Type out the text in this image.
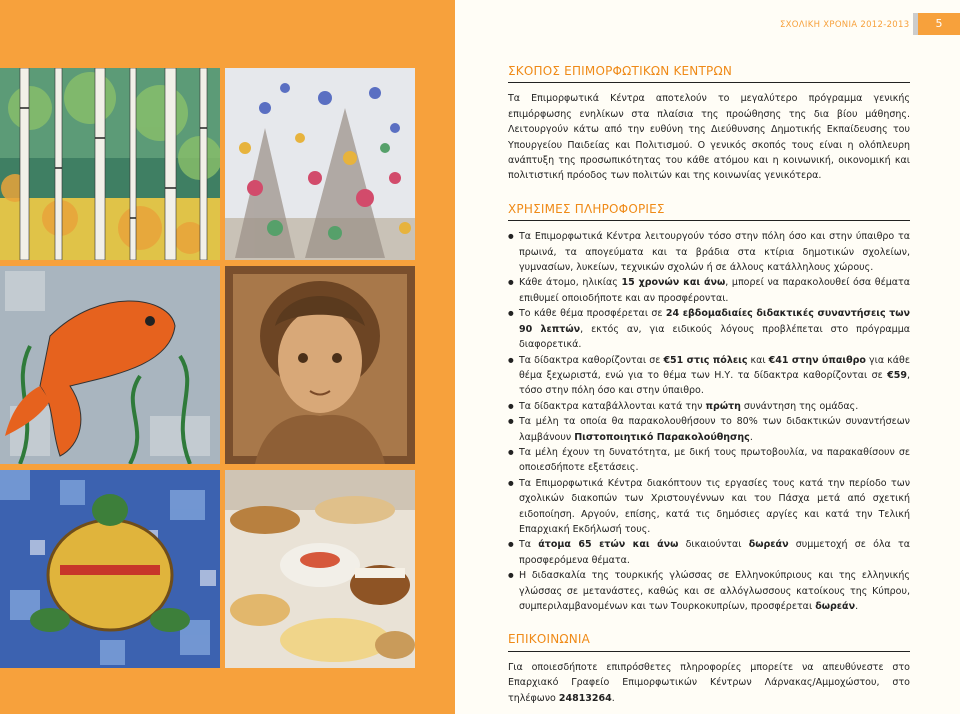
ΣΧΟΛΙΚΗ ΧΡΟΝΙΑ 2012-2013	5
ΣΚΟΠΟΣ ΕΠΙΜΟΡΦΩΤΙΚΩΝ ΚΕΝΤΡΩΝ

Τα Επιμορφωτικά Κέντρα αποτελούν το μεγαλύτερο πρόγραμμα γενικής επιμόρφωσης ενηλίκων στα πλαίσια της προώθησης της δια βίου μάθησης. Λειτουργούν κάτω από την ευθύνη της Διεύθυνσης Δημοτικής Εκπαίδευσης του Υπουργείου Παιδείας και Πολιτισμού. Ο γενικός σκοπός τους είναι η ολόπλευρη ανάπτυξη της προσωπικότητας του κάθε ατόμου και η κοινωνική, οικονομική και πολιτιστική πρόοδος των πολιτών και της κοινωνίας γενικότερα.

ΧΡΗΣΙΜΕΣ ΠΛΗΡΟΦΟΡΙΕΣ
● Τα Επιμορφωτικά Κέντρα λειτουργούν τόσο στην πόλη όσο και στην ύπαιθρο τα πρωινά, τα απογεύματα και τα βράδια στα κτίρια δημοτικών σχολείων, γυμνασίων, λυκείων, τεχνικών σχολών ή σε άλλους κατάλληλους χώρους.
● Κάθε άτομο, ηλικίας 15 χρονών και άνω, μπορεί να παρακολουθεί όσα θέματα επιθυμεί οποιοδήποτε και αν προσφέρονται.
● Το κάθε θέμα προσφέρεται σε 24 εβδομαδιαίες διδακτικές συναντήσεις των 90 λεπτών, εκτός αν, για ειδικούς λόγους προβλέπεται στο πρόγραμμα διαφορετικά.
● Τα δίδακτρα καθορίζονται σε €51 στις πόλεις και €41 στην ύπαιθρο για κάθε θέμα ξεχωριστά, ενώ για το θέμα των Η.Υ. τα δίδακτρα καθορίζονται σε €59, τόσο στην πόλη όσο και στην ύπαιθρο.
● Τα δίδακτρα καταβάλλονται κατά την πρώτη συνάντηση της ομάδας.
● Τα μέλη τα οποία θα παρακολουθήσουν το 80% των διδακτικών συναντήσεων λαμβάνουν Πιστοποιητικό Παρακολούθησης.
● Τα μέλη έχουν τη δυνατότητα, με δική τους πρωτοβουλία, να παρακαθίσουν σε οποιεσδήποτε εξετάσεις.
● Τα Επιμορφωτικά Κέντρα διακόπτουν τις εργασίες τους κατά την περίοδο των σχολικών διακοπών των Χριστουγέννων και του Πάσχα μετά από σχετική ειδοποίηση. Αργούν, επίσης, κατά τις δημόσιες αργίες και κατά την Τελική Επαρχιακή Εκδήλωσή τους.
● Τα άτομα 65 ετών και άνω δικαιούνται δωρεάν συμμετοχή σε όλα τα προσφερόμενα θέματα.
● Η διδασκαλία της τουρκικής γλώσσας σε Ελληνοκύπριους και της ελληνικής γλώσσας σε μετανάστες, καθώς και σε αλλόγλωσσους κατοίκους της Κύπρου, συμπεριλαμβανομένων και των Τουρκοκυπρίων, προσφέρεται δωρεάν.
ΕΠΙΚΟΙΝΩΝΙΑ

Για οποιεσδήποτε επιπρόσθετες πληροφορίες μπορείτε να απευθύνεστε στο Επαρχιακό Γραφείο Επιμορφωτικών Κέντρων Λάρνακας/Αμμοχώστου, στο τηλέφωνο 24813264.
